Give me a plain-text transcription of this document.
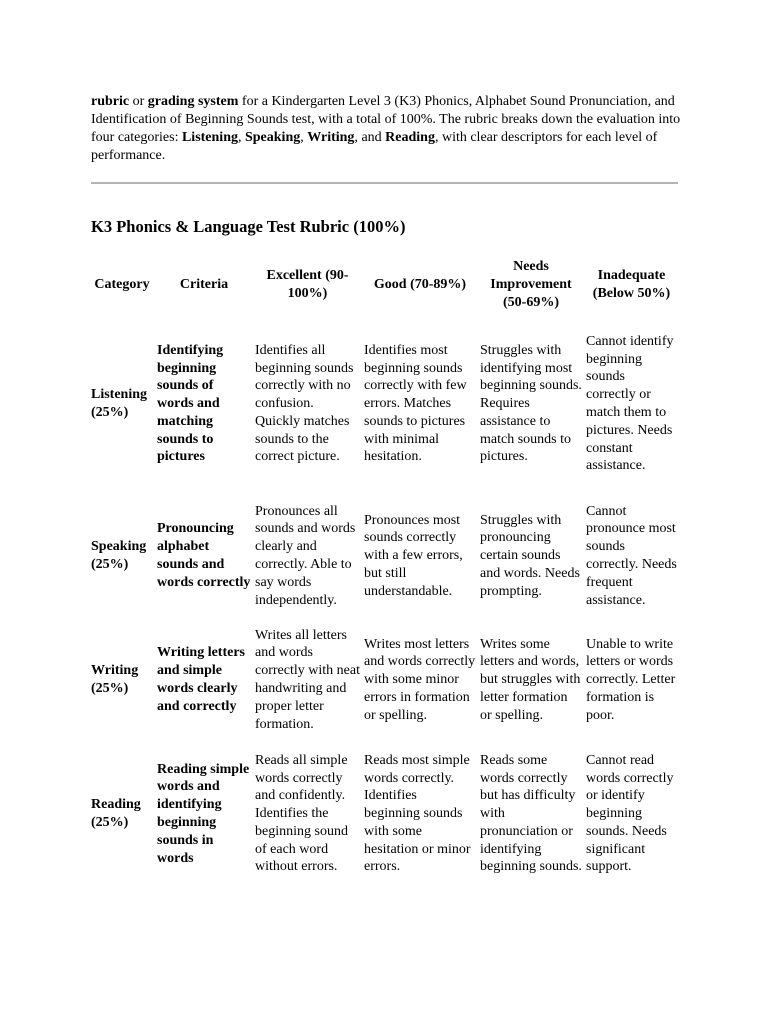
rubric or grading system for a Kindergarten Level 3 (K3) Phonics, Alphabet Sound Pronunciation, and Identification of Beginning Sounds test, with a total of 100%. The rubric breaks down the evaluation into four categories: Listening, Speaking, Writing, and Reading, with clear descriptors for each level of performance.

K3 Phonics & Language Test Rubric (100%)
Category	Criteria	Excellent (90-100%)	Good (70-89%)	Needs Improvement (50-69%)	Inadequate (Below 50%)
Listening (25%)	Identifying beginning sounds of words and matching sounds to pictures	Identifies all beginning sounds correctly with no confusion. Quickly matches sounds to the correct picture.	Identifies most beginning sounds correctly with few errors. Matches sounds to pictures with minimal hesitation.	Struggles with identifying most beginning sounds. Requires assistance to match sounds to pictures.	Cannot identify beginning sounds correctly or match them to pictures. Needs constant assistance.
Speaking (25%)	Pronouncing alphabet sounds and words correctly	Pronounces all sounds and words clearly and correctly. Able to say words independently.	Pronounces most sounds correctly with a few errors, but still understandable.	Struggles with pronouncing certain sounds and words. Needs prompting.	Cannot pronounce most sounds correctly. Needs frequent assistance.
Writing (25%)	Writing letters and simple words clearly and correctly	Writes all letters and words correctly with neat handwriting and proper letter formation.	Writes most letters and words correctly with some minor errors in formation or spelling.	Writes some letters and words, but struggles with letter formation or spelling.	Unable to write letters or words correctly. Letter formation is poor.
Reading (25%)	Reading simple words and identifying beginning sounds in words	Reads all simple words correctly and confidently. Identifies the beginning sound of each word without errors.	Reads most simple words correctly. Identifies beginning sounds with some hesitation or minor errors.	Reads some words correctly but has difficulty with pronunciation or identifying beginning sounds.	Cannot read words correctly or identify beginning sounds. Needs significant support.
